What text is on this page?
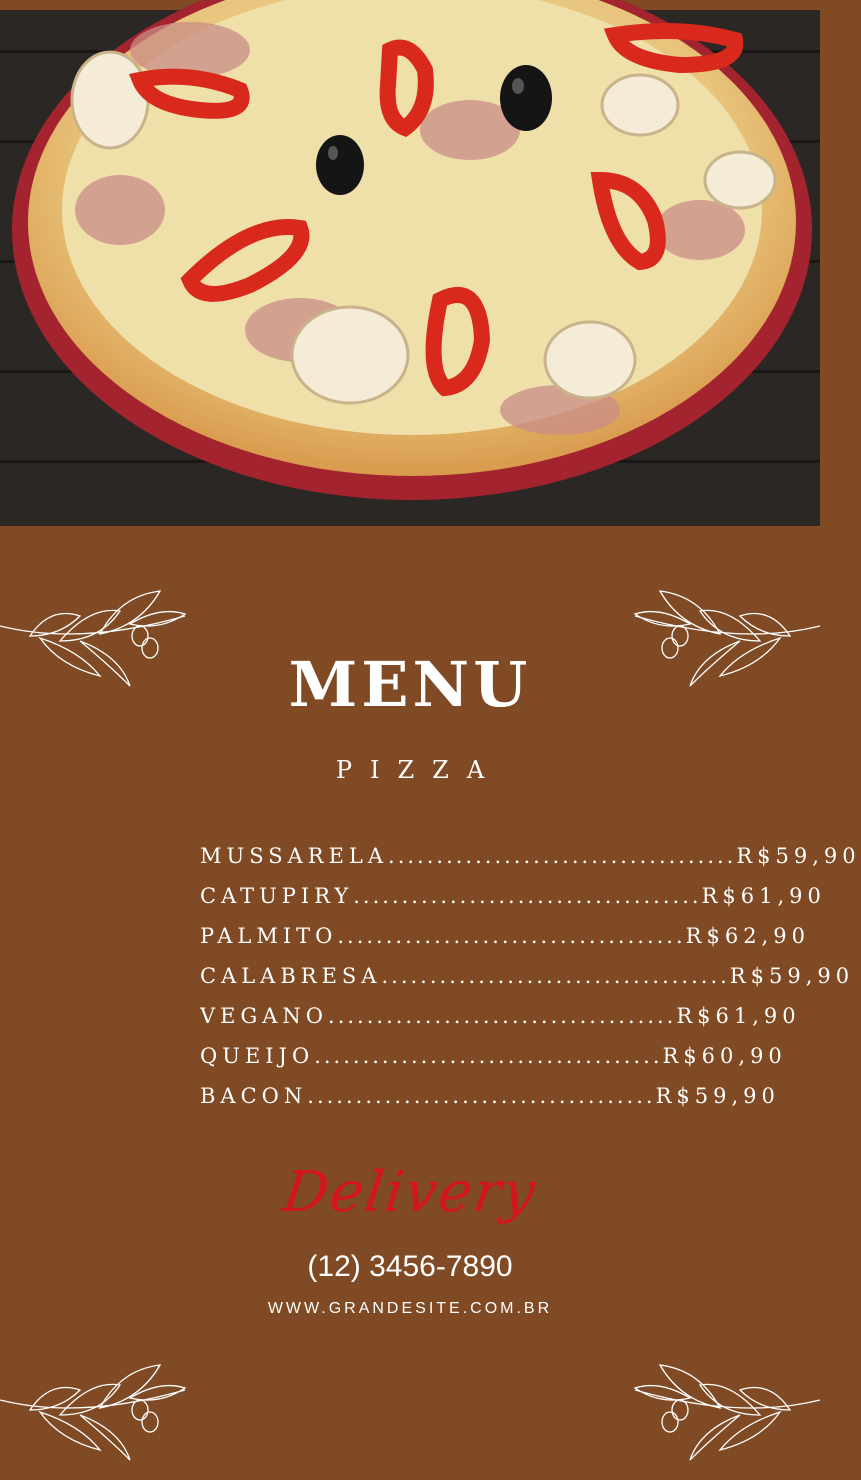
MENU
PIZZA
MUSSARELA .................................... R$59,90
CATUPIRY .................................... R$61,90
PALMITO .................................... R$62,90
CALABRESA .................................... R$59,90
VEGANO .................................... R$61,90
QUEIJO .................................... R$60,90
BACON .................................... R$59,90
Delivery
(12) 3456-7890
WWW.GRANDESITE.COM.BR
